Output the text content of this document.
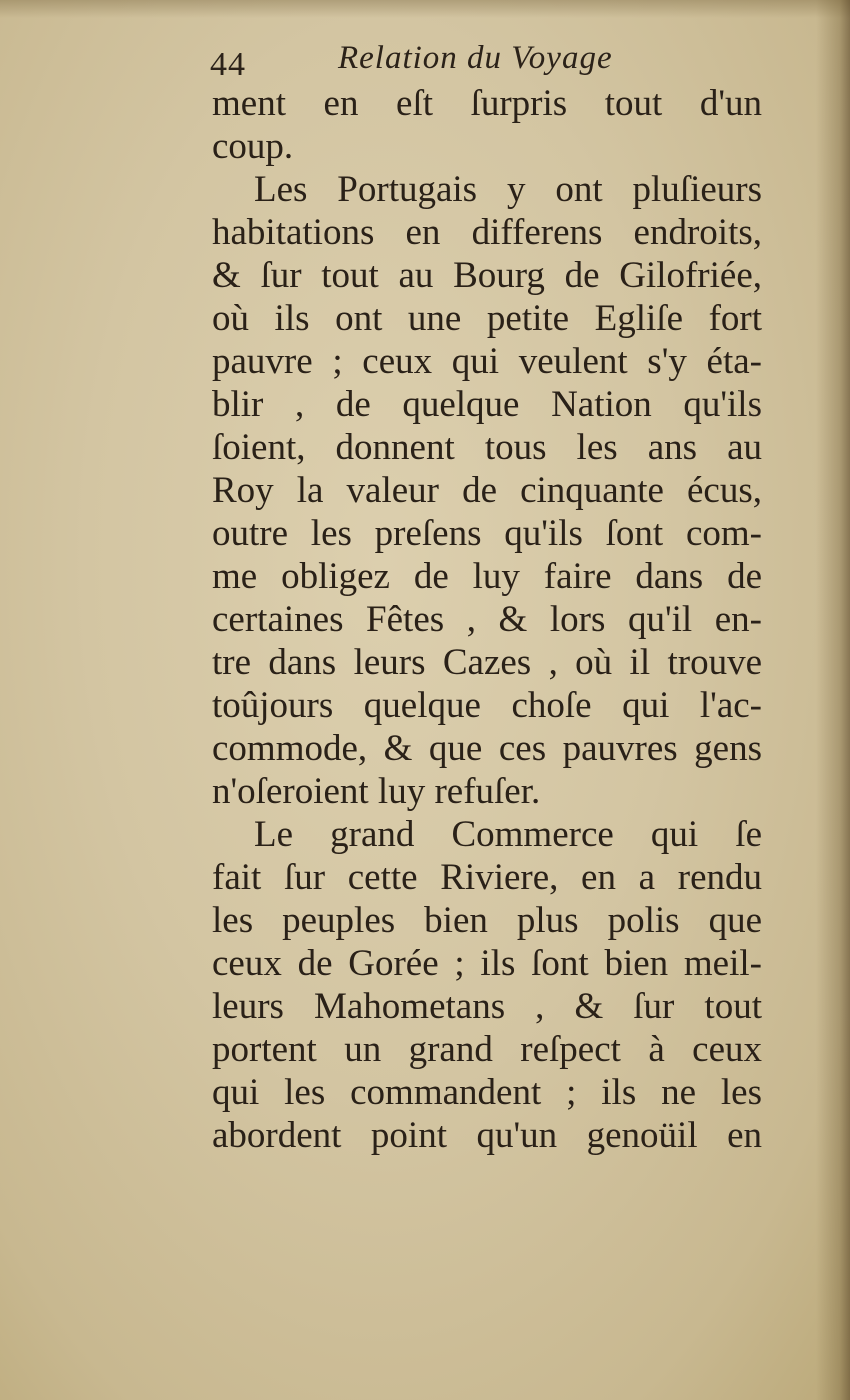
44	Relation du Voyage
ment en eſt ſurpris tout d'un
coup.
Les Portugais y ont pluſieurs
habitations en differens endroits,
& ſur tout au Bourg de Gilofriée,
où ils ont une petite Egliſe fort
pauvre ; ceux qui veulent s'y éta-
blir , de quelque Nation qu'ils
ſoient, donnent tous les ans au
Roy la valeur de cinquante écus,
outre les preſens qu'ils ſont com-
me obligez de luy faire dans de
certaines Fêtes , & lors qu'il en-
tre dans leurs Cazes , où il trouve
toûjours quelque choſe qui l'ac-
commode, & que ces pauvres gens
n'oſeroient luy refuſer.
Le grand Commerce qui ſe
fait ſur cette Riviere, en a rendu
les peuples bien plus polis que
ceux de Gorée ; ils ſont bien meil-
leurs Mahometans , & ſur tout
portent un grand reſpect à ceux
qui les commandent ; ils ne les
abordent point qu'un genoüil en
